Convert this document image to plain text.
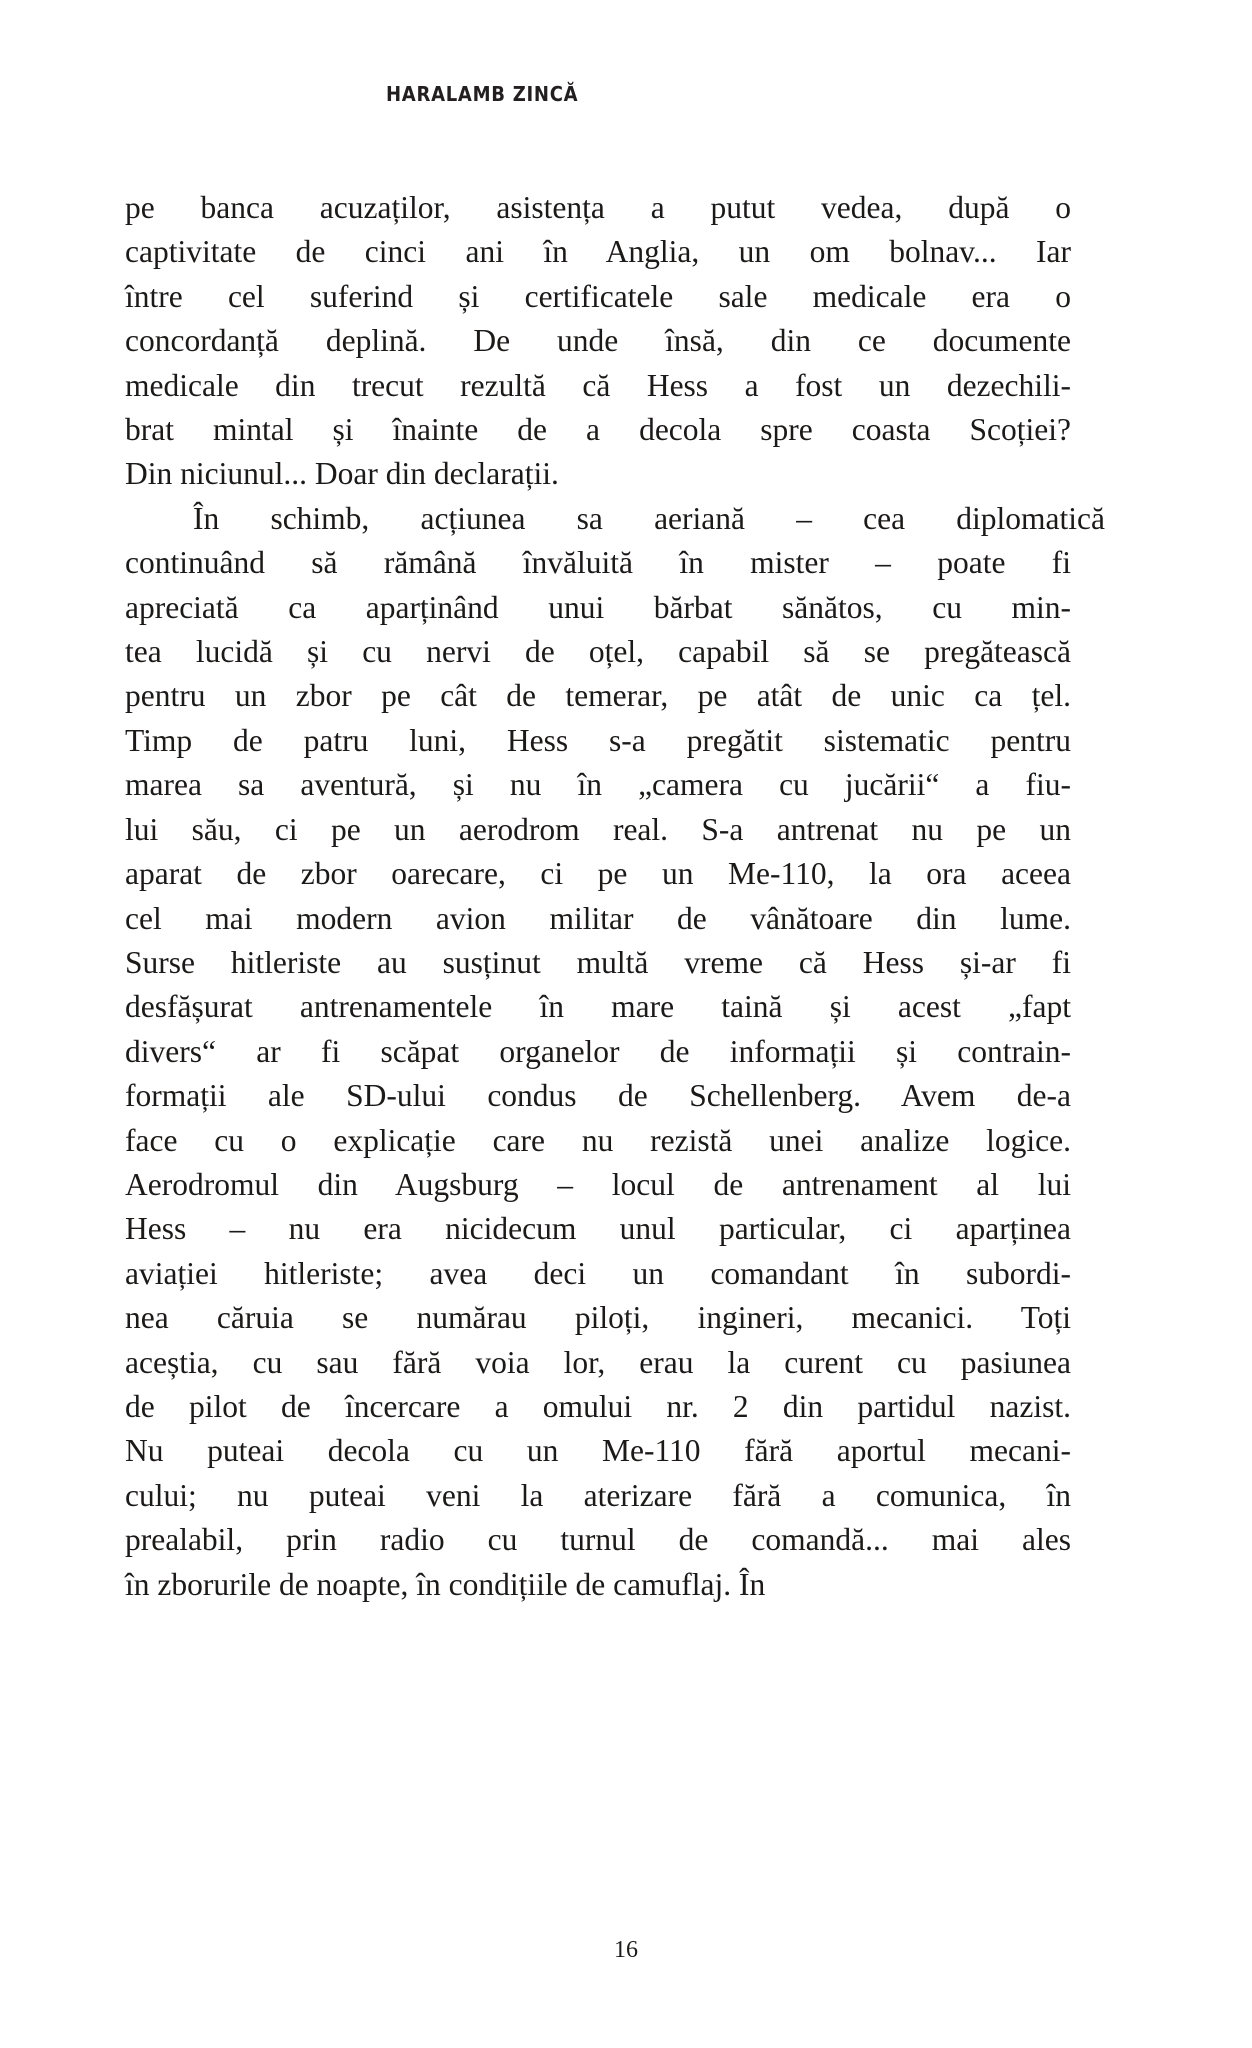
HARALAMB ZINCĂ

pe banca acuzaților, asistența a putut vedea, după o
captivitate de cinci ani în Anglia, un om bolnav... Iar
între cel suferind și certificatele sale medicale era o
concordanță deplină. De unde însă, din ce documente
medicale din trecut rezultă că Hess a fost un dezechili-
brat mintal și înainte de a decola spre coasta Scoției?
Din niciunul... Doar din declarații.

În schimb, acțiunea sa aeriană – cea diplomatică
continuând să rămână învăluită în mister – poate fi
apreciată ca aparținând unui bărbat sănătos, cu min-
tea lucidă și cu nervi de oțel, capabil să se pregătească
pentru un zbor pe cât de temerar, pe atât de unic ca țel.
Timp de patru luni, Hess s-a pregătit sistematic pentru
marea sa aventură, și nu în „camera cu jucării“ a fiu-
lui său, ci pe un aerodrom real. S-a antrenat nu pe un
aparat de zbor oarecare, ci pe un Me-110, la ora aceea
cel mai modern avion militar de vânătoare din lume.
Surse hitleriste au susținut multă vreme că Hess și-ar fi
desfășurat antrenamentele în mare taină și acest „fapt
divers“ ar fi scăpat organelor de informații și contrain-
formații ale SD-ului condus de Schellenberg. Avem de-a
face cu o explicație care nu rezistă unei analize logice.
Aerodromul din Augsburg – locul de antrenament al lui
Hess – nu era nicidecum unul particular, ci aparținea
aviației hitleriste; avea deci un comandant în subordi-
nea căruia se numărau piloți, ingineri, mecanici. Toți
aceștia, cu sau fără voia lor, erau la curent cu pasiunea
de pilot de încercare a omului nr. 2 din partidul nazist.
Nu puteai decola cu un Me-110 fără aportul mecani-
cului; nu puteai veni la aterizare fără a comunica, în
prealabil, prin radio cu turnul de comandă... mai ales
în zborurile de noapte, în condițiile de camuflaj. În

16
